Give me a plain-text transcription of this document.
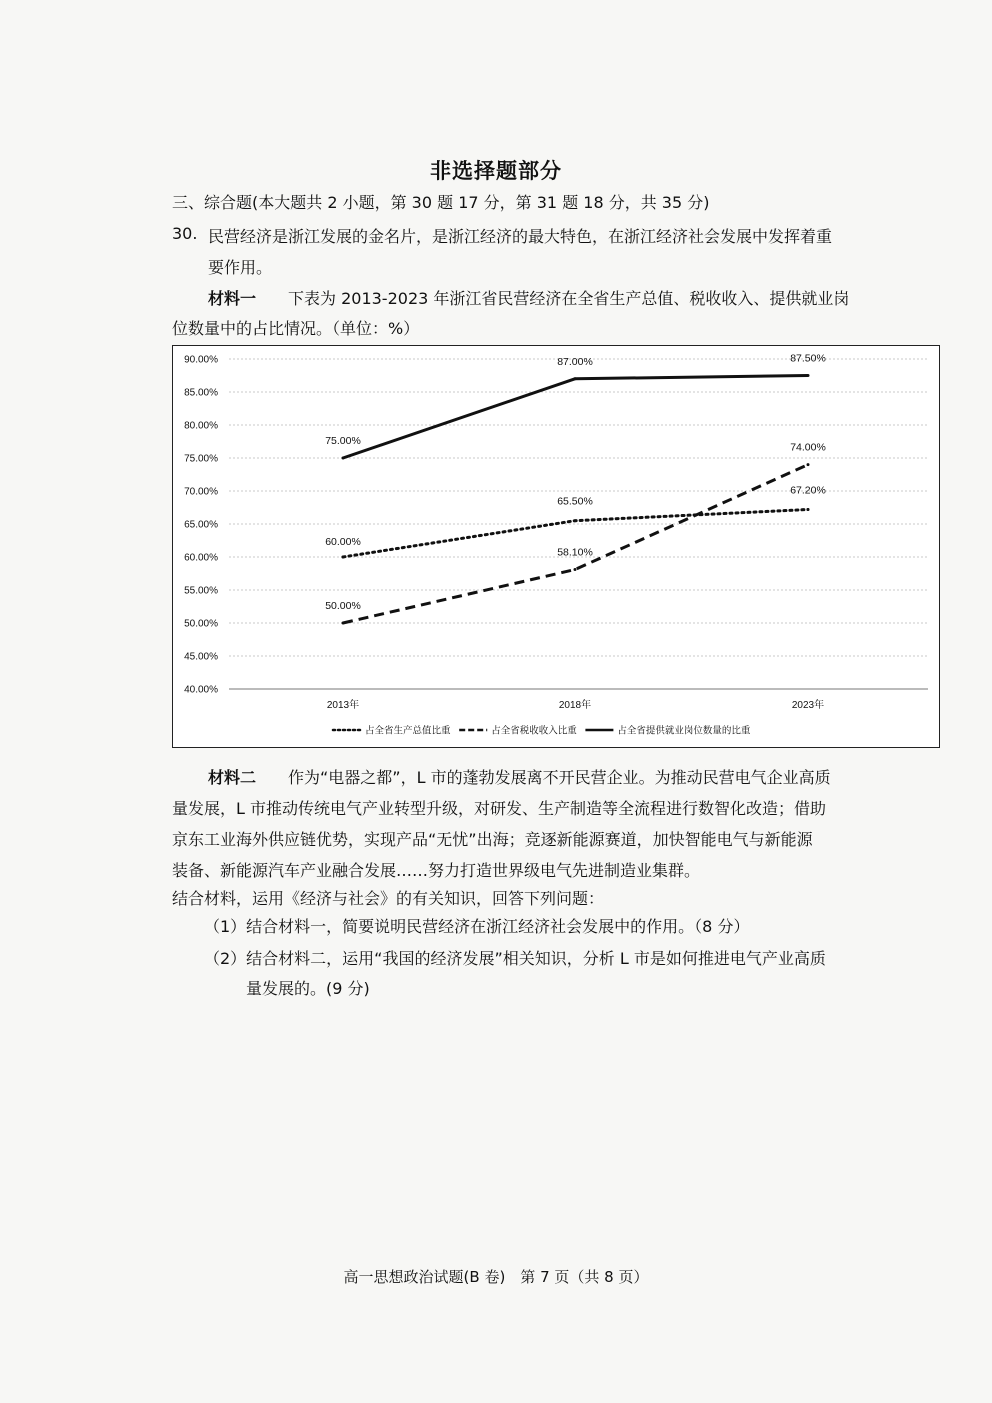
非选择题部分
三、综合题(本大题共 2 小题，第 30 题 17 分，第 31 题 18 分，共 35 分)
30. 民营经济是浙江发展的金名片，是浙江经济的最大特色，在浙江经济社会发展中发挥着重
要作用。
材料一 下表为 2013-2023 年浙江省民营经济在全省生产总值、税收收入、提供就业岗
位数量中的占比情况。（单位：%）
40.00%
45.00%
50.00%
55.00%
60.00%
65.00%
70.00%
75.00%
80.00%
85.00%
90.00%
2013年	2018年	2023年
60.00%
65.50%
67.20%
50.00%
58.10%
74.00%
75.00%
87.00%	87.50%
占全省生产总值比重	占全省税收收入比重	占全省提供就业岗位数量的比重
材料二 作为“电器之都”，L 市的蓬勃发展离不开民营企业。为推动民营电气企业高质
量发展，L 市推动传统电气产业转型升级，对研发、生产制造等全流程进行数智化改造；借助
京东工业海外供应链优势，实现产品“无忧”出海；竞逐新能源赛道，加快智能电气与新能源
装备、新能源汽车产业融合发展……努力打造世界级电气先进制造业集群。
结合材料，运用《经济与社会》的有关知识，回答下列问题：
（1）结合材料一，简要说明民营经济在浙江经济社会发展中的作用。（8 分）
（2）结合材料二，运用“我国的经济发展”相关知识，分析 L 市是如何推进电气产业高质
量发展的。(9 分)
高一思想政治试题(B 卷)　第 7 页（共 8 页）
